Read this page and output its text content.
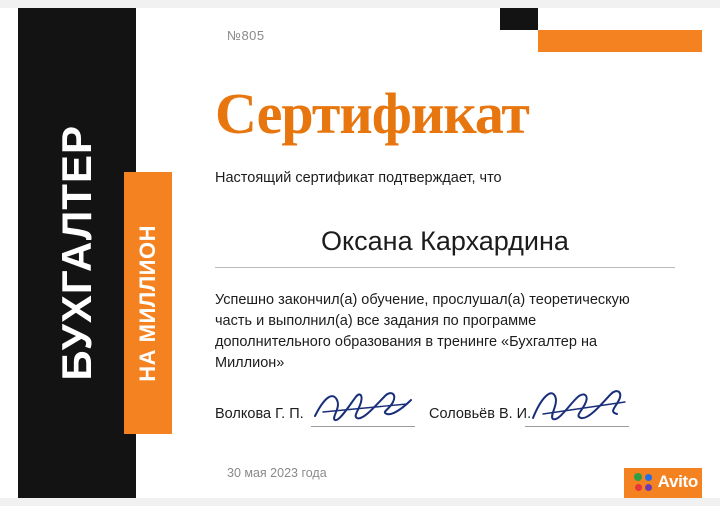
БУХГАЛТЕР НА МИЛЛИОН
№805
Сертификат
Настоящий сертификат подтверждает, что
Оксана Кархардина
Успешно закончил(а) обучение, прослушал(а) теоретическую часть и выполнил(а) все задания по программе дополнительного образования в тренинге «Бухгалтер на Миллион»
Волкова Г. П.	Соловьёв В. И.
30 мая 2023 года	Avito
